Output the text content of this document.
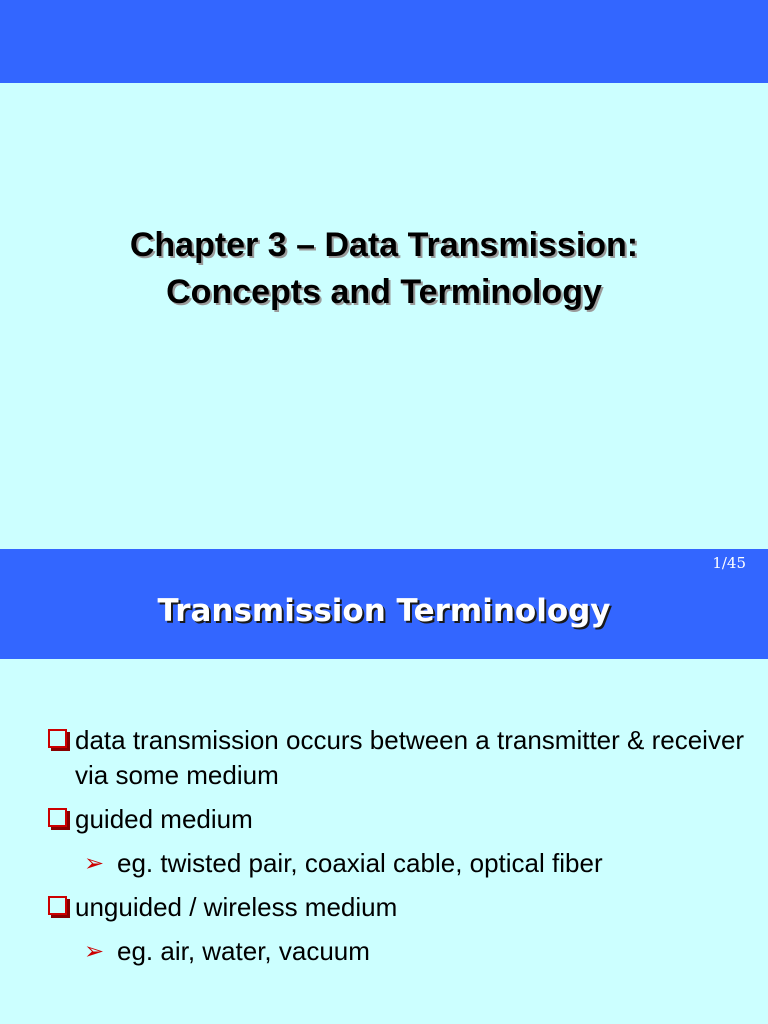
Chapter 3 – Data Transmission:
Concepts and Terminology
1/45
Transmission Terminology
data transmission occurs between a transmitter & receiver via some medium
guided medium
➢ eg. twisted pair, coaxial cable, optical fiber
unguided / wireless medium
➢ eg. air, water, vacuum
